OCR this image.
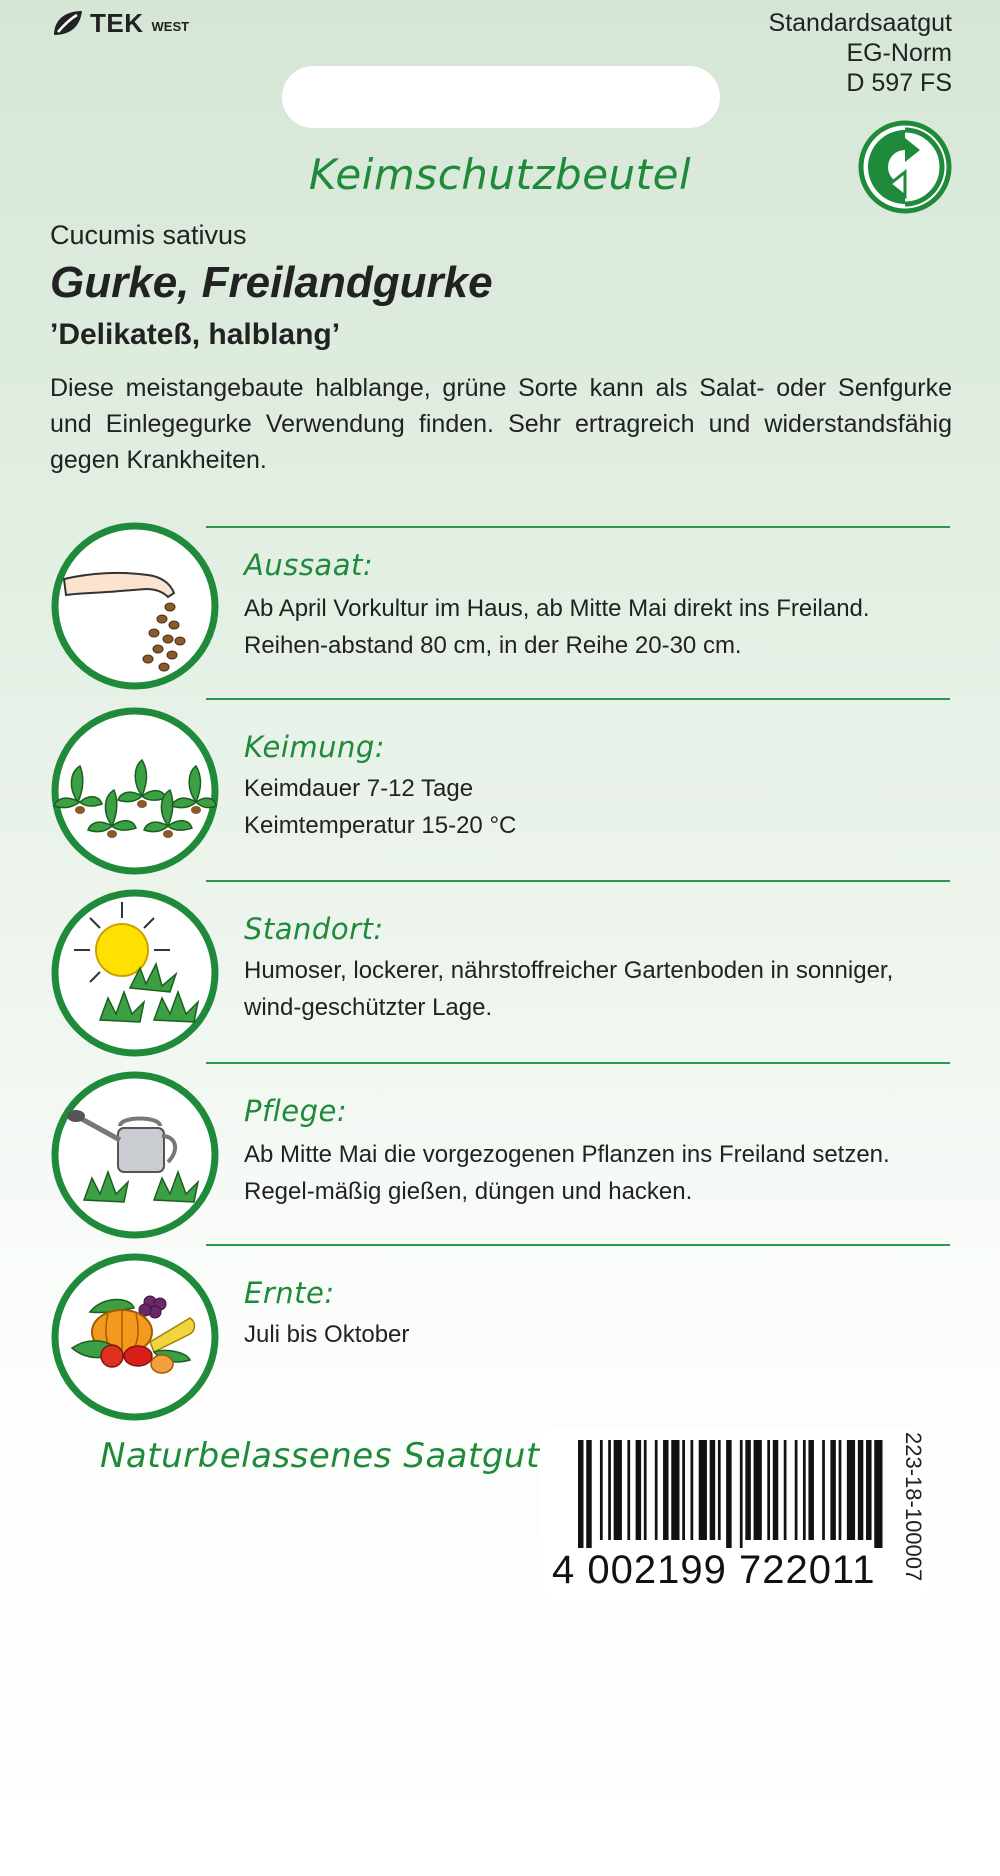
TEK WEST	Standardsaatgut
EG-Norm
D 597 FS
Keimschutzbeutel
Cucumis sativus
Gurke, Freilandgurke
’Delikateß, halblang’
Diese meistangebaute halblange, grüne Sorte kann als Salat- oder Senfgurke und Einlegegurke Verwendung finden. Sehr ertragreich und widerstandsfähig gegen Krankheiten.
Aussaat:
Ab April Vorkultur im Haus, ab Mitte Mai direkt ins Freiland. Reihen-abstand 80 cm, in der Reihe 20-30 cm.
Keimung:
Keimdauer 7-12 Tage
Keimtemperatur 15-20 °C
Standort:
Humoser, lockerer, nährstoffreicher Gartenboden in sonniger, wind-geschützter Lage.
Pflege:
Ab Mitte Mai die vorgezogenen Pflanzen ins Freiland setzen. Regel-mäßig gießen, düngen und hacken.
Ernte:
Juli bis Oktober
Naturbelassenes Saatgut
4 002199 722011 223-18-100007
